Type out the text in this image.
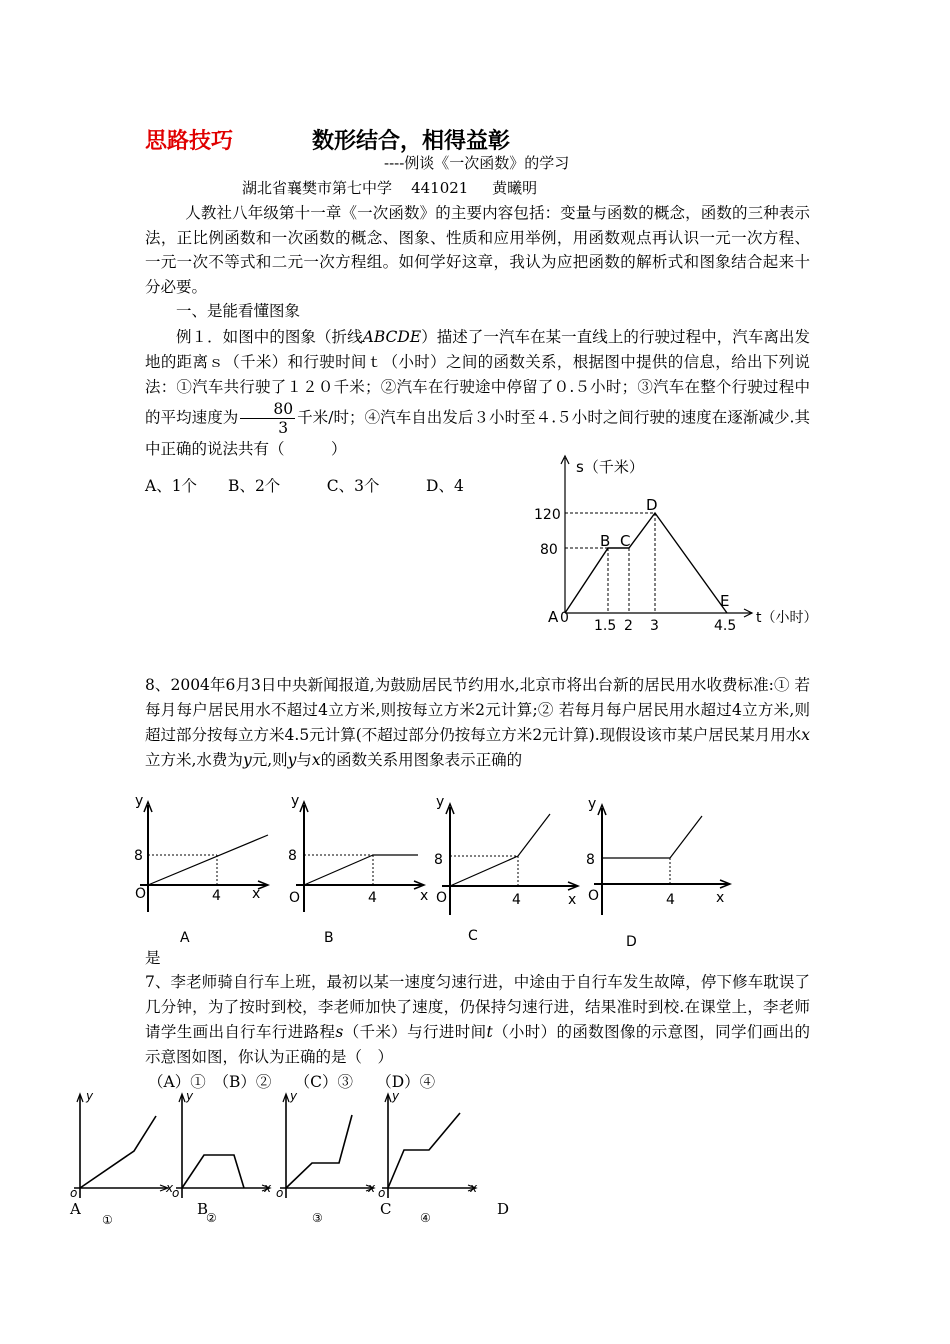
思路技巧	数形结合，相得益彰
----例谈《一次函数》的学习
湖北省襄樊市第七中学    441021     黄曦明
人教社八年级第十一章《一次函数》的主要内容包括：变量与函数的概念，函数的三种表示法，正比例函数和一次函数的概念、图象、性质和应用举例，用函数观点再认识一元一次方程、一元一次不等式和二元一次方程组。如何学好这章，我认为应把函数的解析式和图象结合起来十分必要。
一、是能看懂图象
例１．如图中的图象（折线ABCDE）描述了一汽车在某一直线上的行驶过程中，汽车离出发地的距离ｓ（千米）和行驶时间ｔ（小时）之间的函数关系，根据图中提供的信息，给出下列说法：①汽车共行驶了１２０千米；②汽车在行驶途中停留了０.５小时；③汽车在整个行驶过程中的平均速度为 $\frac{80}{3}$ 千米/时；④汽车自出发后３小时至４.５小时之间行驶的速度在逐渐减少.其中正确的说法共有（　　　）
A、1个　　B、2个　　　C、3个　　　D、4
s（千米）
t（小时）
120
80
A 0 1.5 2 3	4.5
B C
D
E
8、2004年6月3日中央新闻报道,为鼓励居民节约用水,北京市将出台新的居民用水收费标准:① 若每月每户居民用水不超过4立方米,则按每立方米2元计算;② 若每月每户居民用水超过4立方米,则超过部分按每立方米4.5元计算(不超过部分仍按每立方米2元计算).现假设该市某户居民某月用水x立方米,水费为y元,则y与x的函数关系用图象表示正确的
y
8
O	4 x
A
y
8
O	4	x
B
y
8
O	4	x
C
y
8
O	4	x
D
是
7、李老师骑自行车上班，最初以某一速度匀速行进，中途由于自行车发生故障，停下修车耽误了几分钟，为了按时到校，李老师加快了速度，仍保持匀速行进，结果准时到校.在课堂上，李老师请学生画出自行车行进路程s（千米）与行进时间t（小时）的函数图像的示意图，同学们画出的示意图如图，你认为正确的是（　）
（A）①　（B）②　　（C）③　　（D）④
y
o	x
①
y
o	x
②
y
o	x
③
y
o	x
④
A	B	C	D
